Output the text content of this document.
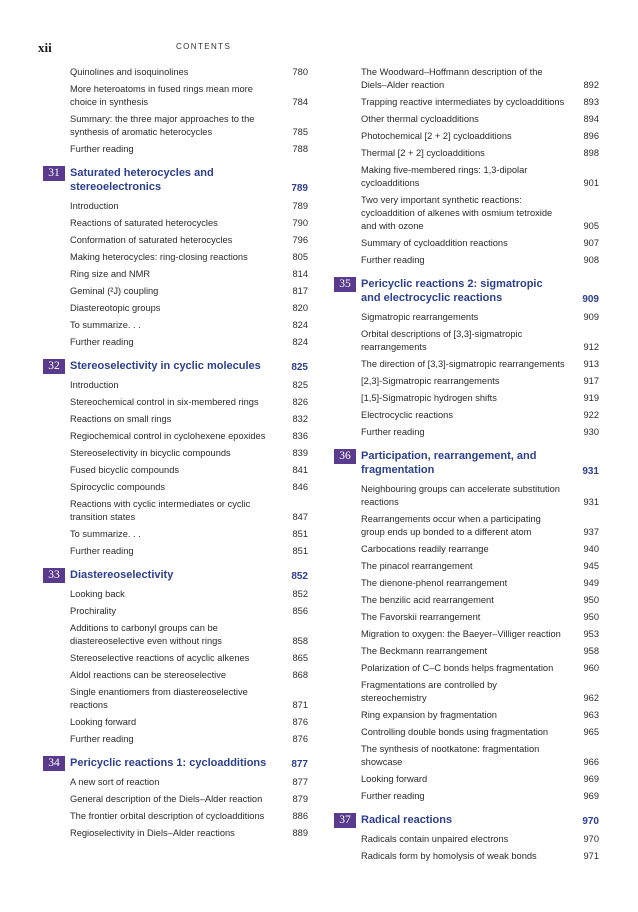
xii	CONTENTS
Quinolines and isoquinolines	780
More heteroatoms in fused rings mean more choice in synthesis	784
Summary: the three major approaches to the synthesis of aromatic heterocycles	785
Further reading	788
31 Saturated heterocycles and stereoelectronics	789
Introduction	789
Reactions of saturated heterocycles	790
Conformation of saturated heterocycles	796
Making heterocycles: ring-closing reactions	805
Ring size and NMR	814
Geminal (²J) coupling	817
Diastereotopic groups	820
To summarize. . .	824
Further reading	824
32 Stereoselectivity in cyclic molecules	825
Introduction	825
Stereochemical control in six-membered rings	826
Reactions on small rings	832
Regiochemical control in cyclohexene epoxides	836
Stereoselectivity in bicyclic compounds	839
Fused bicyclic compounds	841
Spirocyclic compounds	846
Reactions with cyclic intermediates or cyclic transition states	847
To summarize. . .	851
Further reading	851
33 Diastereoselectivity	852
Looking back	852
Prochirality	856
Additions to carbonyl groups can be diastereoselective even without rings	858
Stereoselective reactions of acyclic alkenes	865
Aldol reactions can be stereoselective	868
Single enantiomers from diastereoselective reactions	871
Looking forward	876
Further reading	876
34 Pericyclic reactions 1: cycloadditions	877
A new sort of reaction	877
General description of the Diels–Alder reaction	879
The frontier orbital description of cycloadditions	886
Regioselectivity in Diels–Alder reactions	889
The Woodward–Hoffmann description of the Diels–Alder reaction	892
Trapping reactive intermediates by cycloadditions 893
Other thermal cycloadditions	894
Photochemical [2 + 2] cycloadditions	896
Thermal [2 + 2] cycloadditions	898
Making five-membered rings: 1,3-dipolar cycloadditions	901
Two very important synthetic reactions: cycloaddition of alkenes with osmium tetroxide and with ozone	905
Summary of cycloaddition reactions	907
Further reading	908
35 Pericyclic reactions 2: sigmatropic and electrocyclic reactions	909
Sigmatropic rearrangements	909
Orbital descriptions of [3,3]-sigmatropic rearrangements	912
The direction of [3,3]-sigmatropic rearrangements 913
[2,3]-Sigmatropic rearrangements	917
[1,5]-Sigmatropic hydrogen shifts	919
Electrocyclic reactions	922
Further reading	930
36 Participation, rearrangement, and fragmentation	931
Neighbouring groups can accelerate substitution reactions	931
Rearrangements occur when a participating group ends up bonded to a different atom	937
Carbocations readily rearrange	940
The pinacol rearrangement	945
The dienone-phenol rearrangement	949
The benzilic acid rearrangement	950
The Favorskii rearrangement	950
Migration to oxygen: the Baeyer–Villiger reaction 953
The Beckmann rearrangement	958
Polarization of C–C bonds helps fragmentation	960
Fragmentations are controlled by stereochemistry	962
Ring expansion by fragmentation	963
Controlling double bonds using fragmentation	965
The synthesis of nootkatone: fragmentation showcase	966
Looking forward	969
Further reading	969
37 Radical reactions	970
Radicals contain unpaired electrons	970
Radicals form by homolysis of weak bonds	971
